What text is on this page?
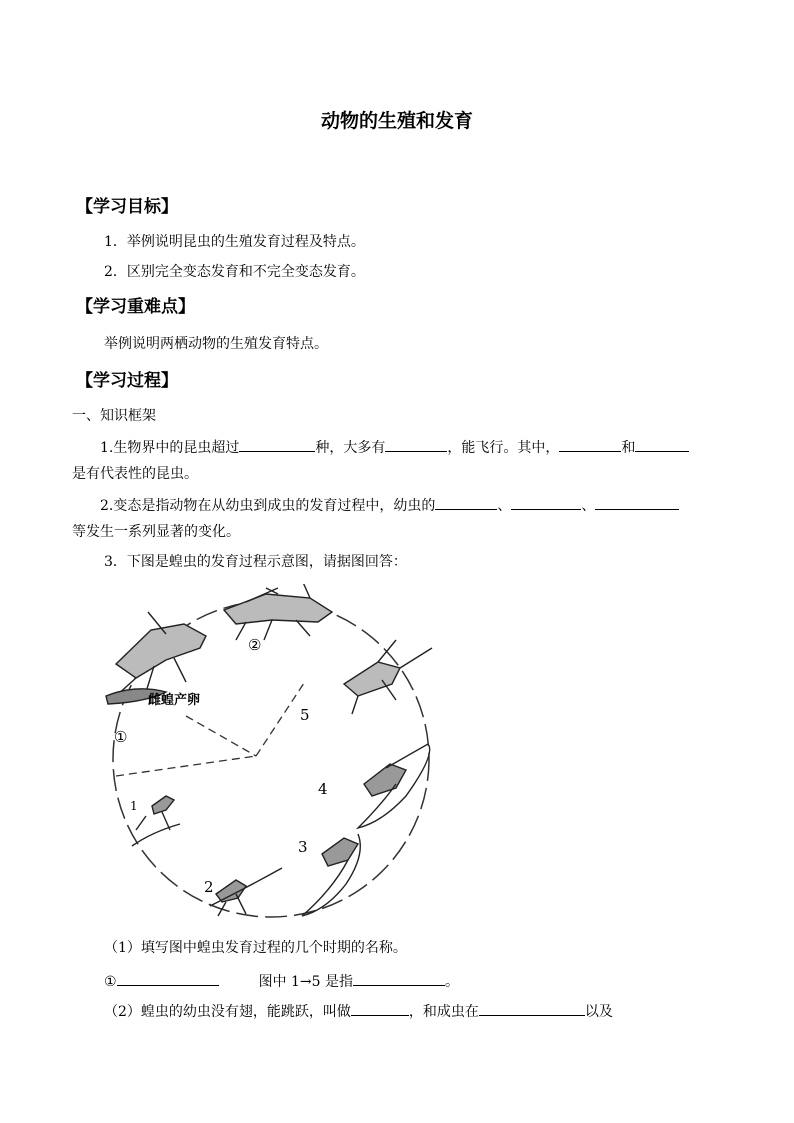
动物的生殖和发育
【学习目标】
1．举例说明昆虫的生殖发育过程及特点。
2．区别完全变态发育和不完全变态发育。
【学习重难点】
举例说明两栖动物的生殖发育特点。
【学习过程】
一、知识框架
1.生物界中的昆虫超过	种，大多有	，能飞行。其中，	和
是有代表性的昆虫。
2.变态是指动物在从幼虫到成虫的发育过程中，幼虫的	、	、
等发生一系列显著的变化。
3．下图是蝗虫的发育过程示意图，请据图回答：
雌蝗产卵
①
②
5
4
3
2
1
（1）填写图中蝗虫发育过程的几个时期的名称。
①	图中 1→5 是指	。
（2）蝗虫的幼虫没有翅，能跳跃，叫做	，和成虫在	以及
